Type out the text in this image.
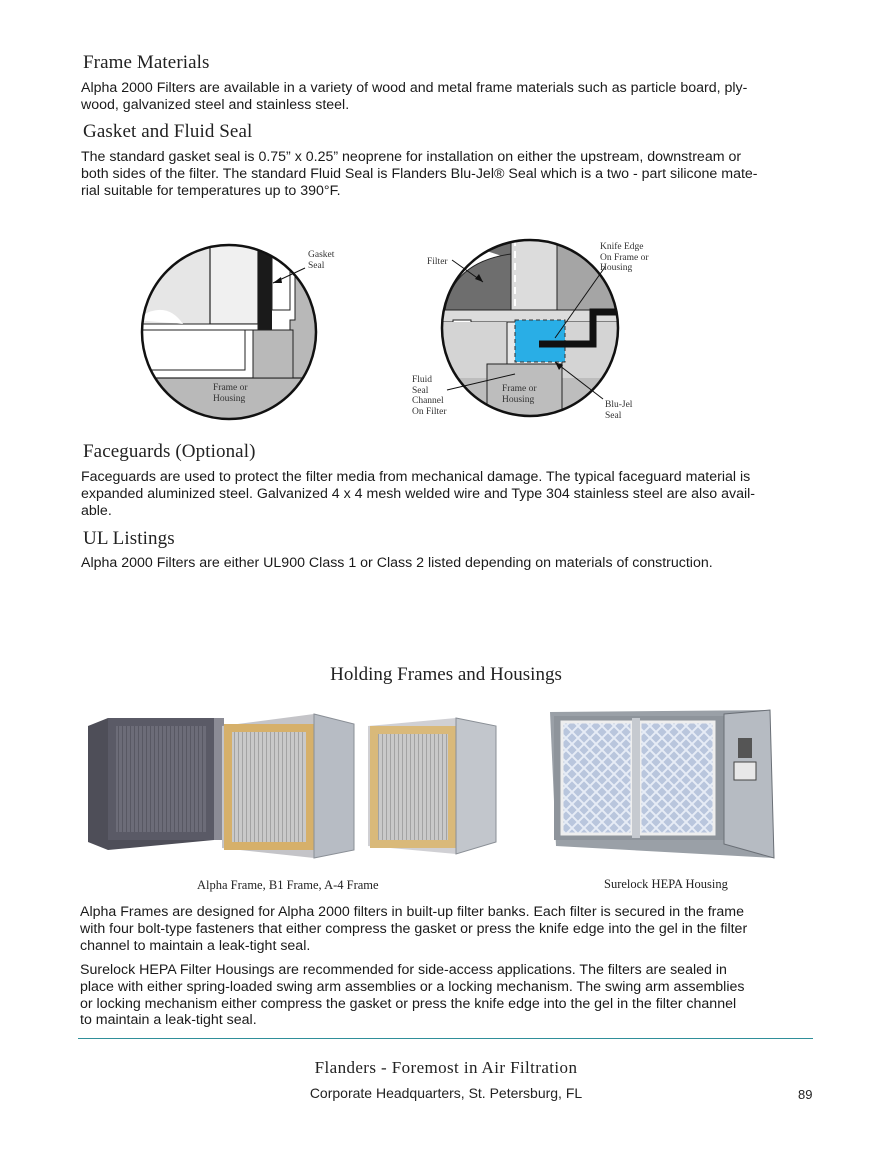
Frame Materials
Alpha 2000 Filters are available in a variety of wood and metal frame materials such as particle board, ply-
wood, galvanized steel and stainless steel.
Gasket and Fluid Seal
The standard gasket seal is 0.75” x 0.25” neoprene for installation on either the upstream, downstream or
both sides of the filter. The standard Fluid Seal is Flanders Blu-Jel® Seal which is a two - part silicone mate-
rial suitable for temperatures up to 390°F.
Gasket
Seal
Frame or
Housing
Filter
Knife Edge
On Frame or
Housing
Fluid
Seal
Channel
On Filter
Frame or
Housing
Blu-Jel
Seal
Faceguards (Optional)
Faceguards are used to protect the filter media from mechanical damage. The typical faceguard material is
expanded aluminized steel. Galvanized 4 x 4 mesh welded wire and Type 304 stainless steel are also avail-
able.
UL Listings
Alpha 2000 Filters are either UL900 Class 1 or Class 2 listed depending on materials of construction.
Holding Frames and Housings
Alpha Frame, B1 Frame, A-4 Frame	Surelock HEPA Housing
Alpha Frames are designed for Alpha 2000 filters in built-up filter banks. Each filter is secured in the frame
with four bolt-type fasteners that either compress the gasket or press the knife edge into the gel in the filter
channel to maintain a leak-tight seal.
Surelock HEPA Filter Housings are recommended for side-access applications. The filters are sealed in
place with either spring-loaded swing arm assemblies or a locking mechanism. The swing arm assemblies
or locking mechanism either compress the gasket or press the knife edge into the gel in the filter channel
to maintain a leak-tight seal.
Flanders - Foremost in Air Filtration
Corporate Headquarters, St. Petersburg, FL	89
